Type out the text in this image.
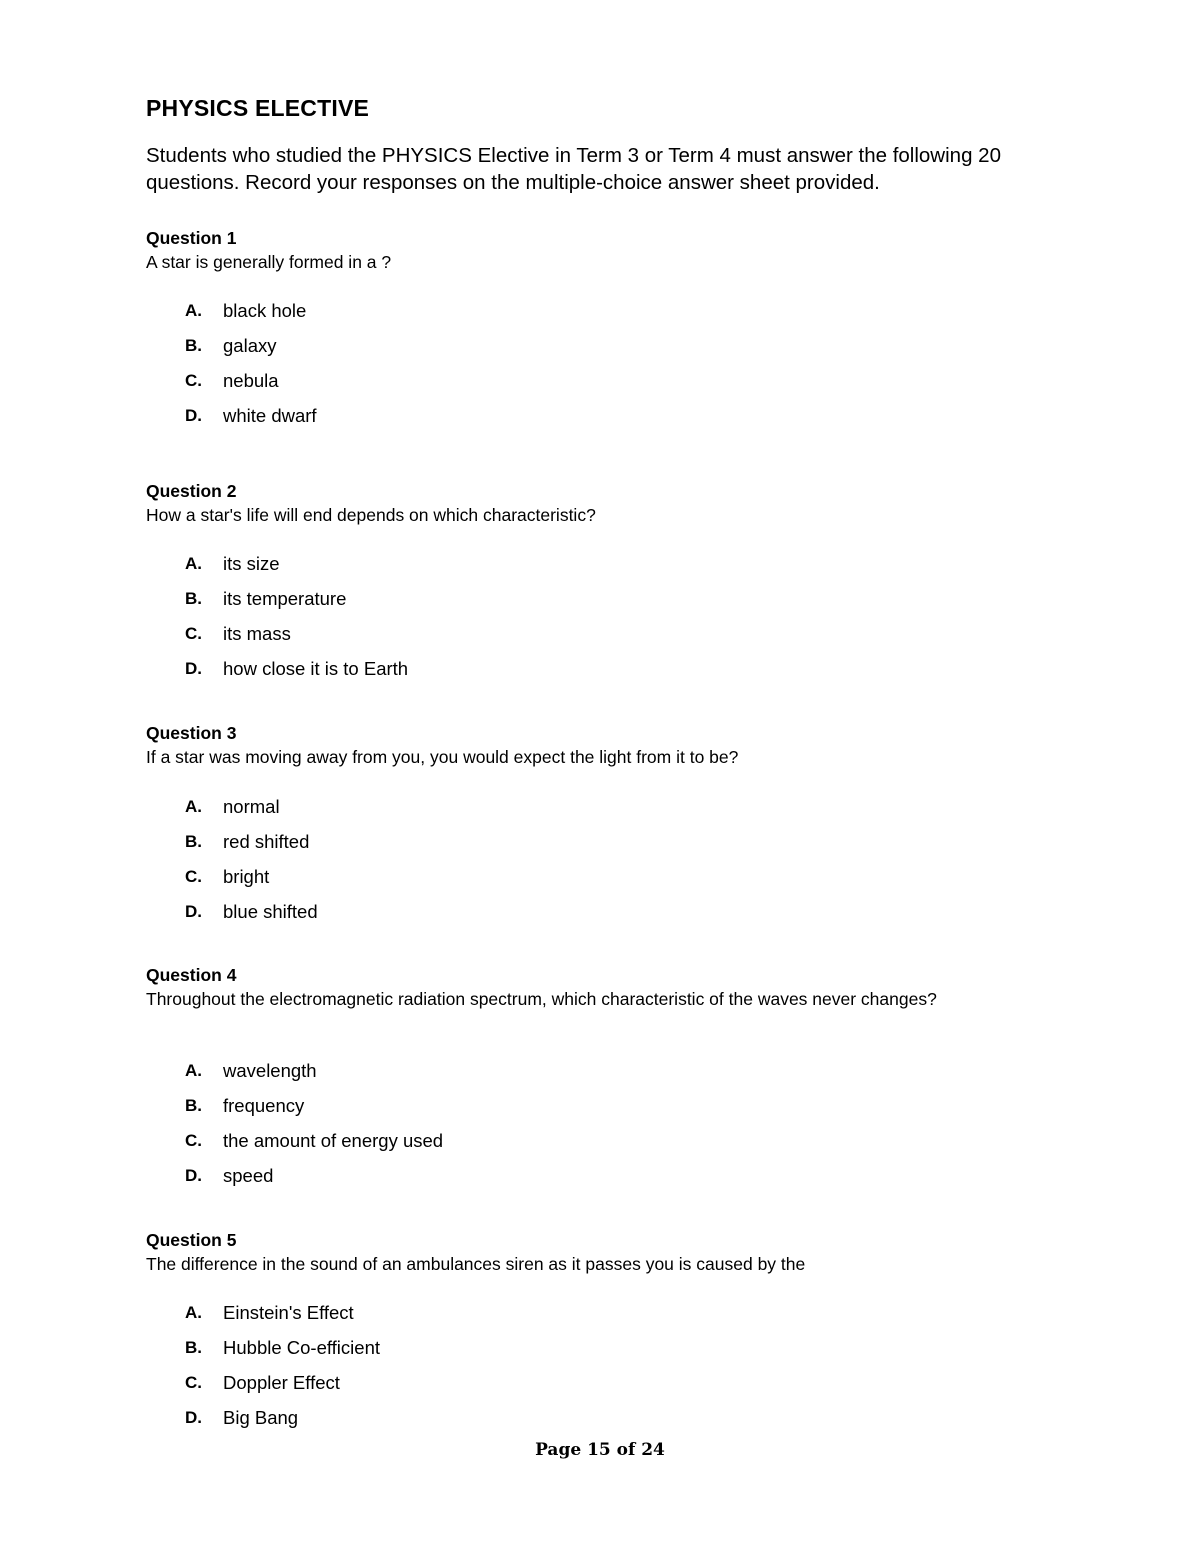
PHYSICS ELECTIVE

Students who studied the PHYSICS Elective in Term 3 or Term 4 must answer the following 20 questions. Record your responses on the multiple-choice answer sheet provided.

Question 1

A star is generally formed in a ?

A.	black hole
B.	galaxy
C.	nebula
D.	white dwarf

Question 2

How a star's life will end depends on which characteristic?

A.	its size
B.	its temperature
C.	its mass
D.	how close it is to Earth

Question 3

If a star was moving away from you, you would expect the light from it to be?

A.	normal
B.	red shifted
C.	bright
D.	blue shifted

Question 4

Throughout the electromagnetic radiation spectrum, which characteristic of the waves never changes?

A.	wavelength
B.	frequency
C.	the amount of energy used
D.	speed

Question 5

The difference in the sound of an ambulances siren as it passes you is caused by the

A.	Einstein's Effect
B.	Hubble Co-efficient
C.	Doppler Effect
D.	Big Bang
Page 15 of 24
